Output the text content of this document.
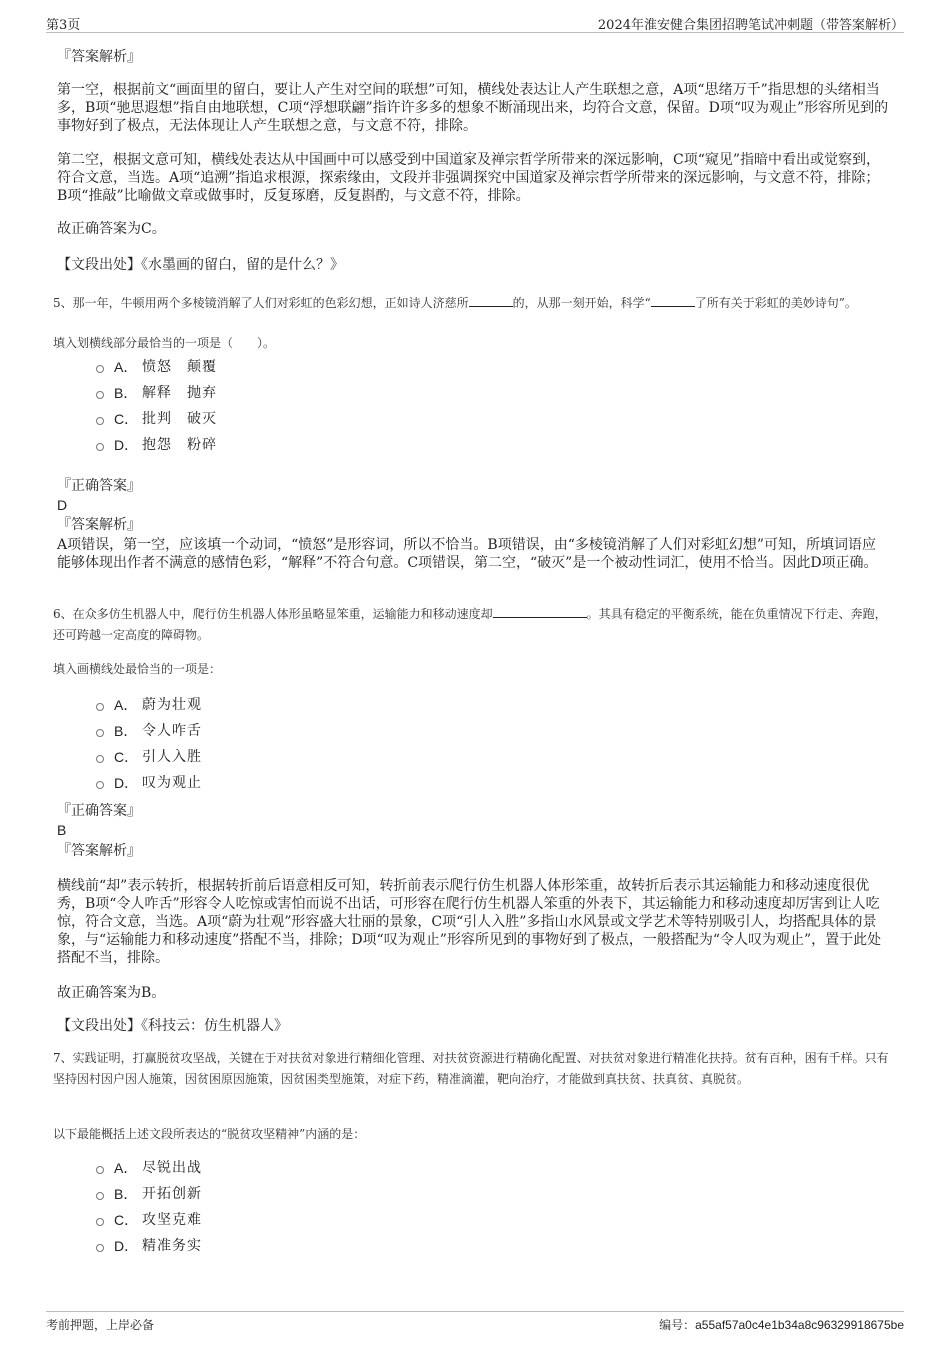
第3页	2024年淮安健合集团招聘笔试冲刺题（带答案解析）

『答案解析』

第一空，根据前文“画面里的留白，要让人产生对空间的联想”可知，横线处表达让人产生联想之意，A项“思绪万千”指思想的头绪相当多，B项“驰思遐想”指自由地联想，C项“浮想联翩”指许许多多的想象不断涌现出来，均符合文意，保留。D项“叹为观止”形容所见到的事物好到了极点，无法体现让人产生联想之意，与文意不符，排除。

第二空，根据文意可知，横线处表达从中国画中可以感受到中国道家及禅宗哲学所带来的深远影响，C项“窥见”指暗中看出或觉察到，符合文意，当选。A项“追溯”指追求根源，探索缘由，文段并非强调探究中国道家及禅宗哲学所带来的深远影响，与文意不符，排除；B项“推敲”比喻做文章或做事时，反复琢磨，反复斟酌，与文意不符，排除。

故正确答案为C。

【文段出处】《水墨画的留白，留的是什么？》

5、那一年，牛顿用两个多棱镜消解了人们对彩虹的色彩幻想，正如诗人济慈所	的，从那一刻开始，科学“	了所有关于彩虹的美妙诗句”。

填入划横线部分最恰当的一项是（　　）。

A． 愤怒　颠覆
B． 解释　抛弃
C． 批判　破灭
D． 抱怨　粉碎

『正确答案』

D

『答案解析』

A项错误，第一空，应该填一个动词，“愤怒”是形容词，所以不恰当。B项错误，由“多棱镜消解了人们对彩虹幻想”可知，所填词语应能够体现出作者不满意的感情色彩，“解释”不符合句意。C项错误，第二空，“破灭”是一个被动性词汇，使用不恰当。因此D项正确。

6、在众多仿生机器人中，爬行仿生机器人体形虽略显笨重，运输能力和移动速度却	。其具有稳定的平衡系统，能在负重情况下行走、奔跑，还可跨越一定高度的障碍物。

填入画横线处最恰当的一项是：

A． 蔚为壮观
B． 令人咋舌
C． 引人入胜
D． 叹为观止

『正确答案』

B

『答案解析』

横线前“却”表示转折，根据转折前后语意相反可知，转折前表示爬行仿生机器人体形笨重，故转折后表示其运输能力和移动速度很优秀，B项“令人咋舌”形容令人吃惊或害怕而说不出话，可形容在爬行仿生机器人笨重的外表下，其运输能力和移动速度却厉害到让人吃惊，符合文意，当选。A项“蔚为壮观”形容盛大壮丽的景象，C项“引人入胜”多指山水风景或文学艺术等特别吸引人，均搭配具体的景象，与“运输能力和移动速度”搭配不当，排除；D项“叹为观止”形容所见到的事物好到了极点，一般搭配为“令人叹为观止”，置于此处搭配不当，排除。

故正确答案为B。

【文段出处】《科技云：仿生机器人》

7、实践证明，打赢脱贫攻坚战，关键在于对扶贫对象进行精细化管理、对扶贫资源进行精确化配置、对扶贫对象进行精准化扶持。贫有百种，困有千样。只有坚持因村因户因人施策，因贫困原因施策，因贫困类型施策，对症下药，精准滴灌，靶向治疗，才能做到真扶贫、扶真贫、真脱贫。

以下最能概括上述文段所表达的“脱贫攻坚精神”内涵的是：

A． 尽锐出战
B． 开拓创新
C． 攻坚克难
D． 精准务实
考前押题，上岸必备	编号：a55af57a0c4e1b34a8c96329918675be
